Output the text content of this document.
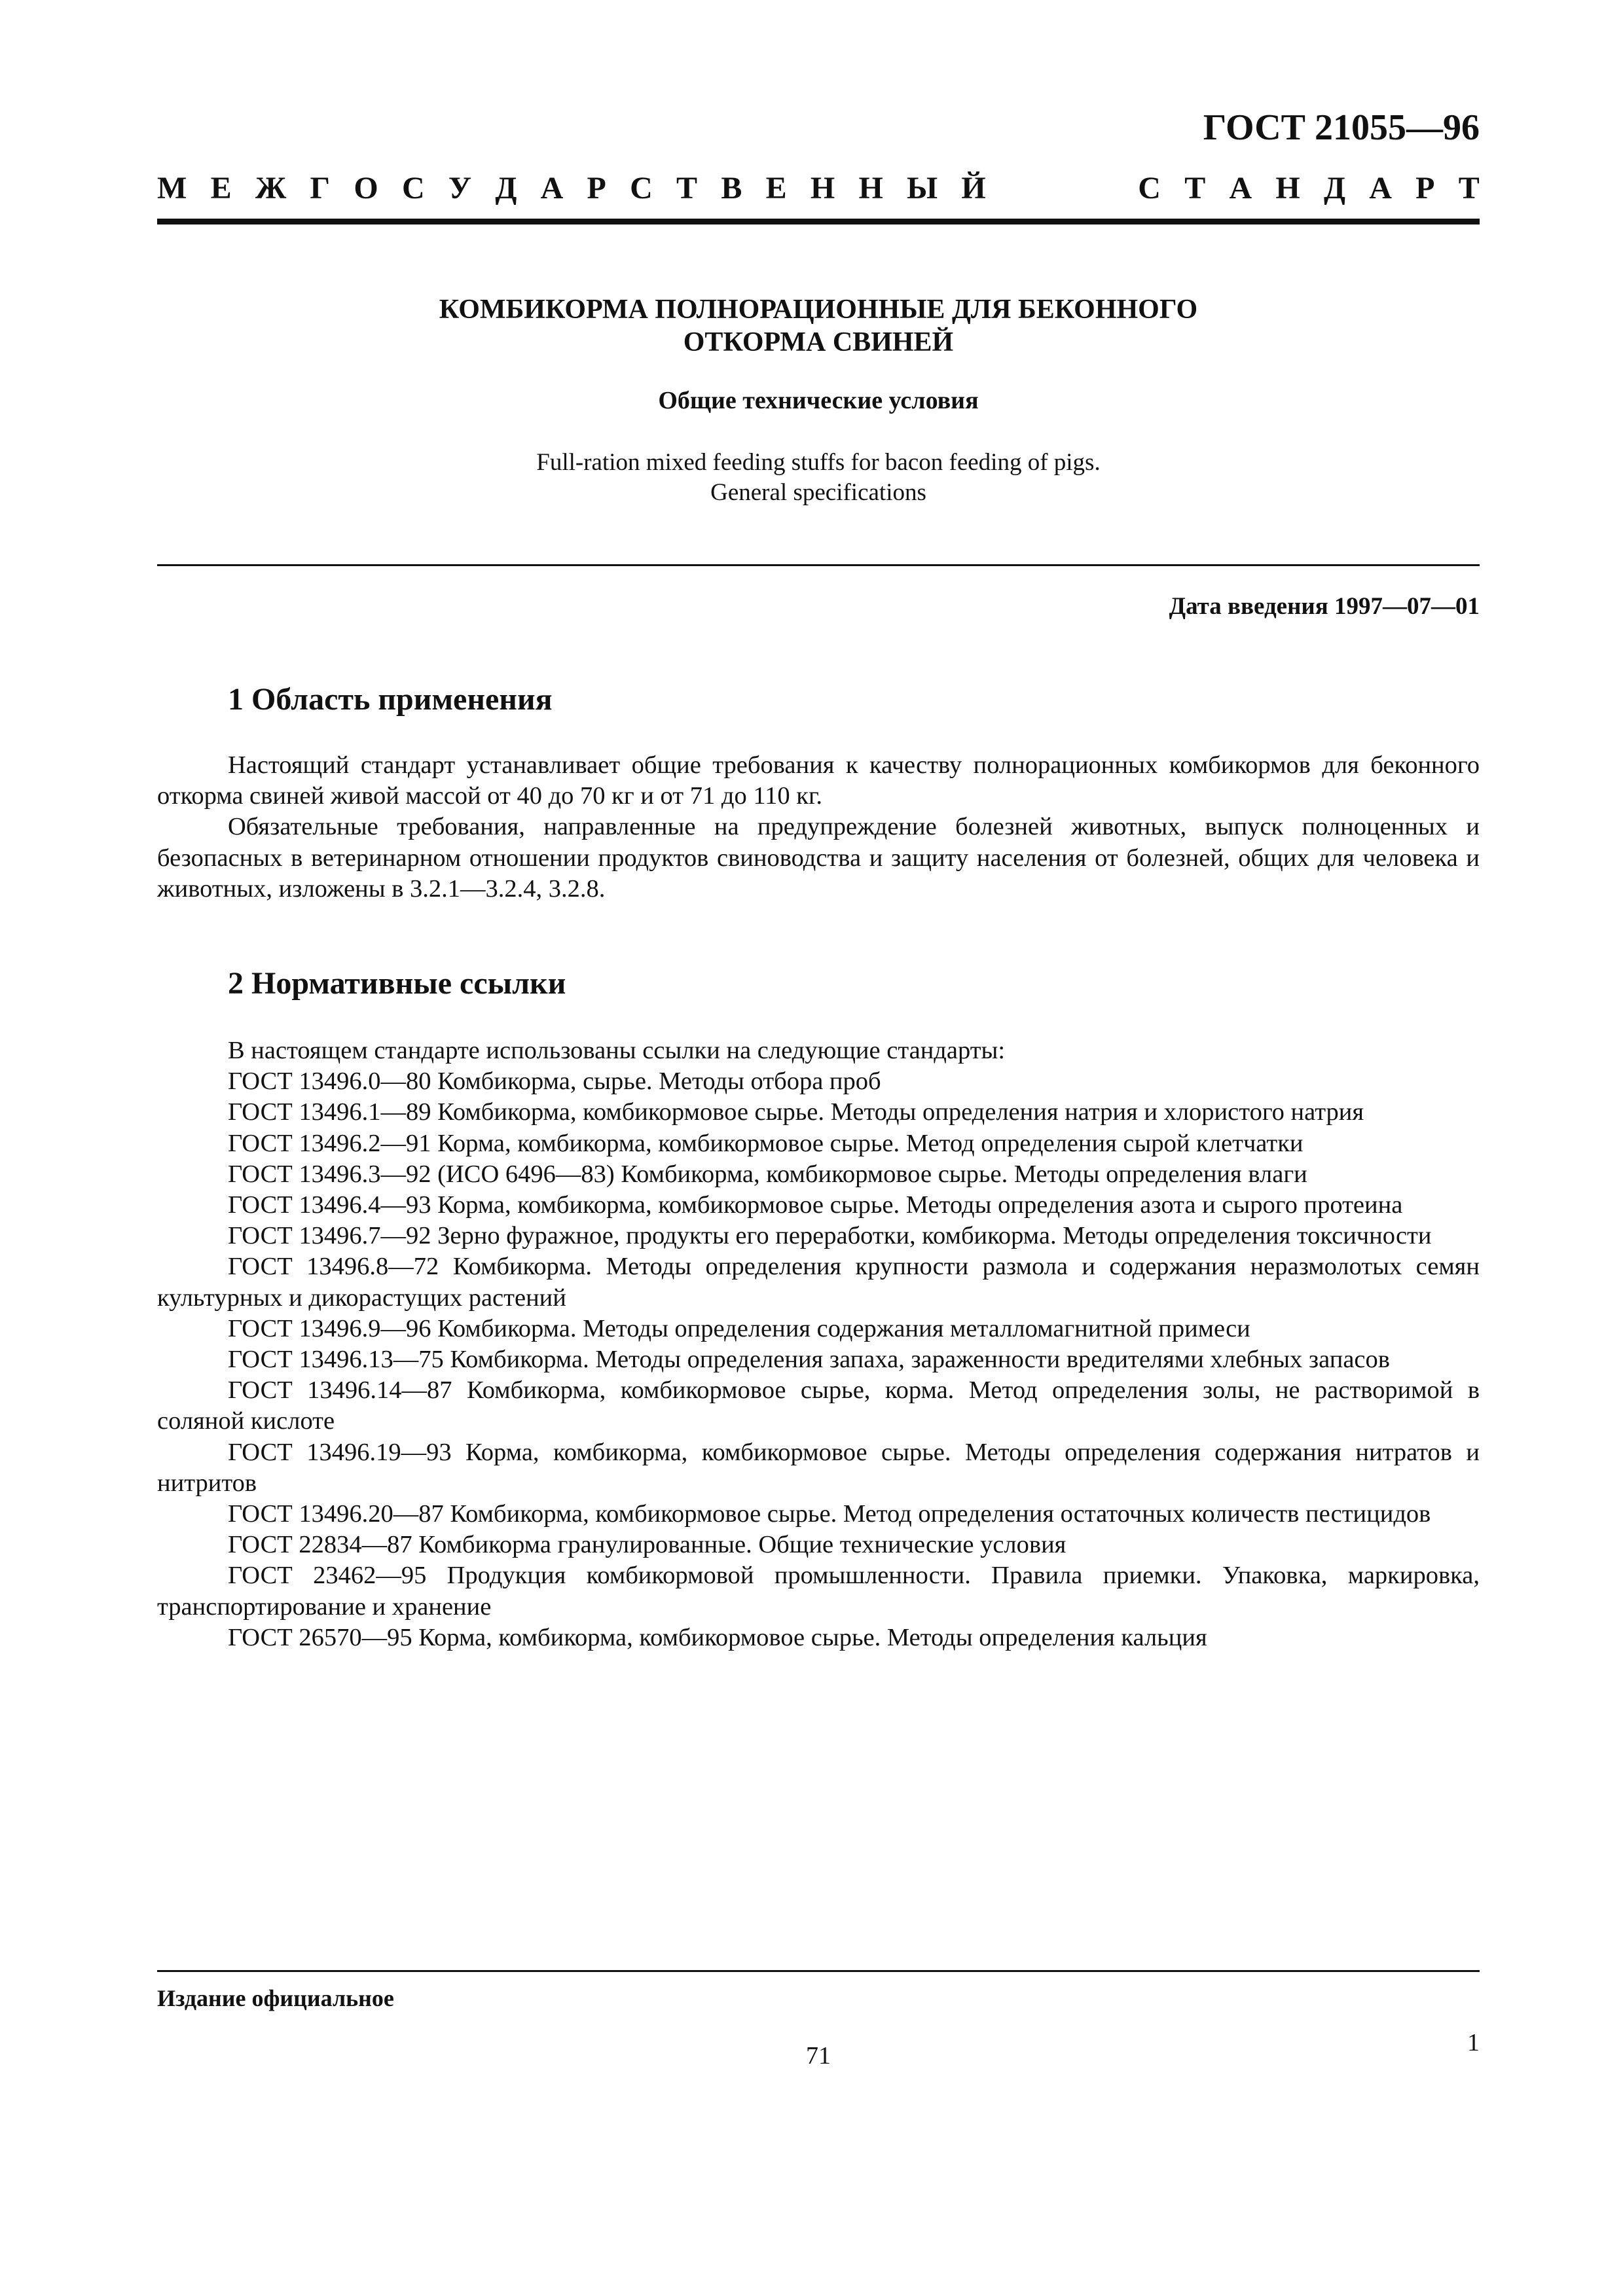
ГОСТ 21055—96
М Е Ж Г О С У Д А Р С Т В Е Н Н Ы Й	С Т А Н Д А Р Т
КОМБИКОРМА ПОЛНОРАЦИОННЫЕ ДЛЯ БЕКОННОГО
ОТКОРМА СВИНЕЙ
Общие технические условия
Full-ration mixed feeding stuffs for bacon feeding of pigs.
General specifications
Дата введения 1997—07—01
1 Область применения

Настоящий стандарт устанавливает общие требования к качеству полнорационных комбикормов для беконного откорма свиней живой массой от 40 до 70 кг и от 71 до 110 кг.

Обязательные требования, направленные на предупреждение болезней животных, выпуск полноценных и безопасных в ветеринарном отношении продуктов свиноводства и защиту населения от болезней, общих для человека и животных, изложены в 3.2.1—3.2.4, 3.2.8.

2 Нормативные ссылки

В настоящем стандарте использованы ссылки на следующие стандарты:

ГОСТ 13496.0—80 Комбикорма, сырье. Методы отбора проб

ГОСТ 13496.1—89 Комбикорма, комбикормовое сырье. Методы определения натрия и хлористого натрия

ГОСТ 13496.2—91 Корма, комбикорма, комбикормовое сырье. Метод определения сырой клетчатки

ГОСТ 13496.3—92 (ИСО 6496—83) Комбикорма, комбикормовое сырье. Методы определения влаги

ГОСТ 13496.4—93 Корма, комбикорма, комбикормовое сырье. Методы определения азота и сырого протеина

ГОСТ 13496.7—92 Зерно фуражное, продукты его переработки, комбикорма. Методы определения токсичности

ГОСТ 13496.8—72 Комбикорма. Методы определения крупности размола и содержания неразмолотых семян культурных и дикорастущих растений

ГОСТ 13496.9—96 Комбикорма. Методы определения содержания металломагнитной примеси

ГОСТ 13496.13—75 Комбикорма. Методы определения запаха, зараженности вредителями хлебных запасов

ГОСТ 13496.14—87 Комбикорма, комбикормовое сырье, корма. Метод определения золы, не растворимой в соляной кислоте

ГОСТ 13496.19—93 Корма, комбикорма, комбикормовое сырье. Методы определения содержания нитратов и нитритов

ГОСТ 13496.20—87 Комбикорма, комбикормовое сырье. Метод определения остаточных количеств пестицидов

ГОСТ 22834—87 Комбикорма гранулированные. Общие технические условия

ГОСТ 23462—95 Продукция комбикормовой промышленности. Правила приемки. Упаковка, маркировка, транспортирование и хранение

ГОСТ 26570—95 Корма, комбикорма, комбикормовое сырье. Методы определения кальция

Издание официальное
71	1
